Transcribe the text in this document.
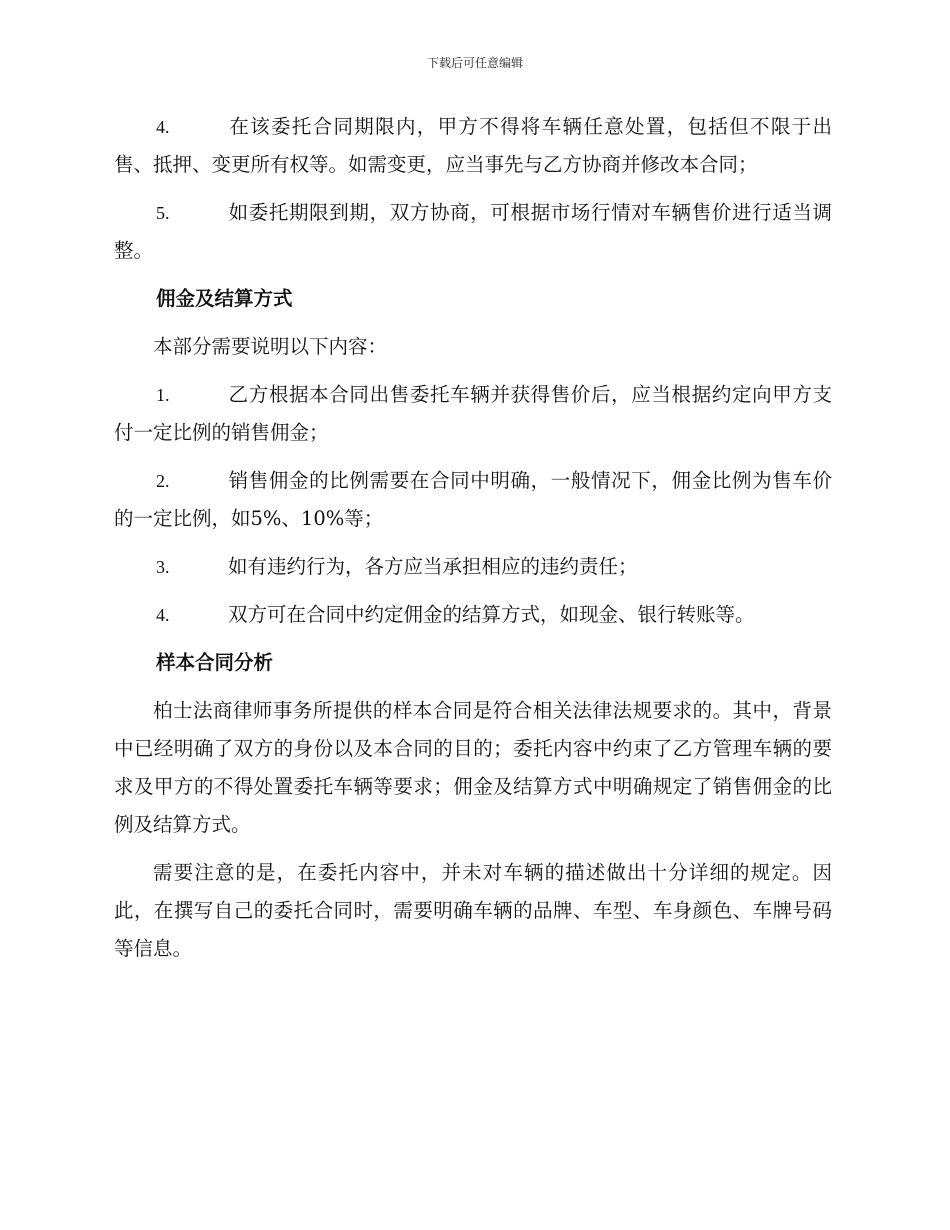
下载后可任意编辑

4.	在该委托合同期限内，甲方不得将车辆任意处置，包括但不限于出售、抵押、变更所有权等。如需变更，应当事先与乙方协商并修改本合同；

5.	如委托期限到期，双方协商，可根据市场行情对车辆售价进行适当调整。

佣金及结算方式

本部分需要说明以下内容：

1.	乙方根据本合同出售委托车辆并获得售价后，应当根据约定向甲方支付一定比例的销售佣金；

2.	销售佣金的比例需要在合同中明确，一般情况下，佣金比例为售车价的一定比例，如5%、10%等；

3.	如有违约行为，各方应当承担相应的违约责任；

4.	双方可在合同中约定佣金的结算方式，如现金、银行转账等。

样本合同分析

柏士法商律师事务所提供的样本合同是符合相关法律法规要求的。其中，背景中已经明确了双方的身份以及本合同的目的；委托内容中约束了乙方管理车辆的要求及甲方的不得处置委托车辆等要求；佣金及结算方式中明确规定了销售佣金的比例及结算方式。

需要注意的是，在委托内容中，并未对车辆的描述做出十分详细的规定。因此，在撰写自己的委托合同时，需要明确车辆的品牌、车型、车身颜色、车牌号码等信息。
